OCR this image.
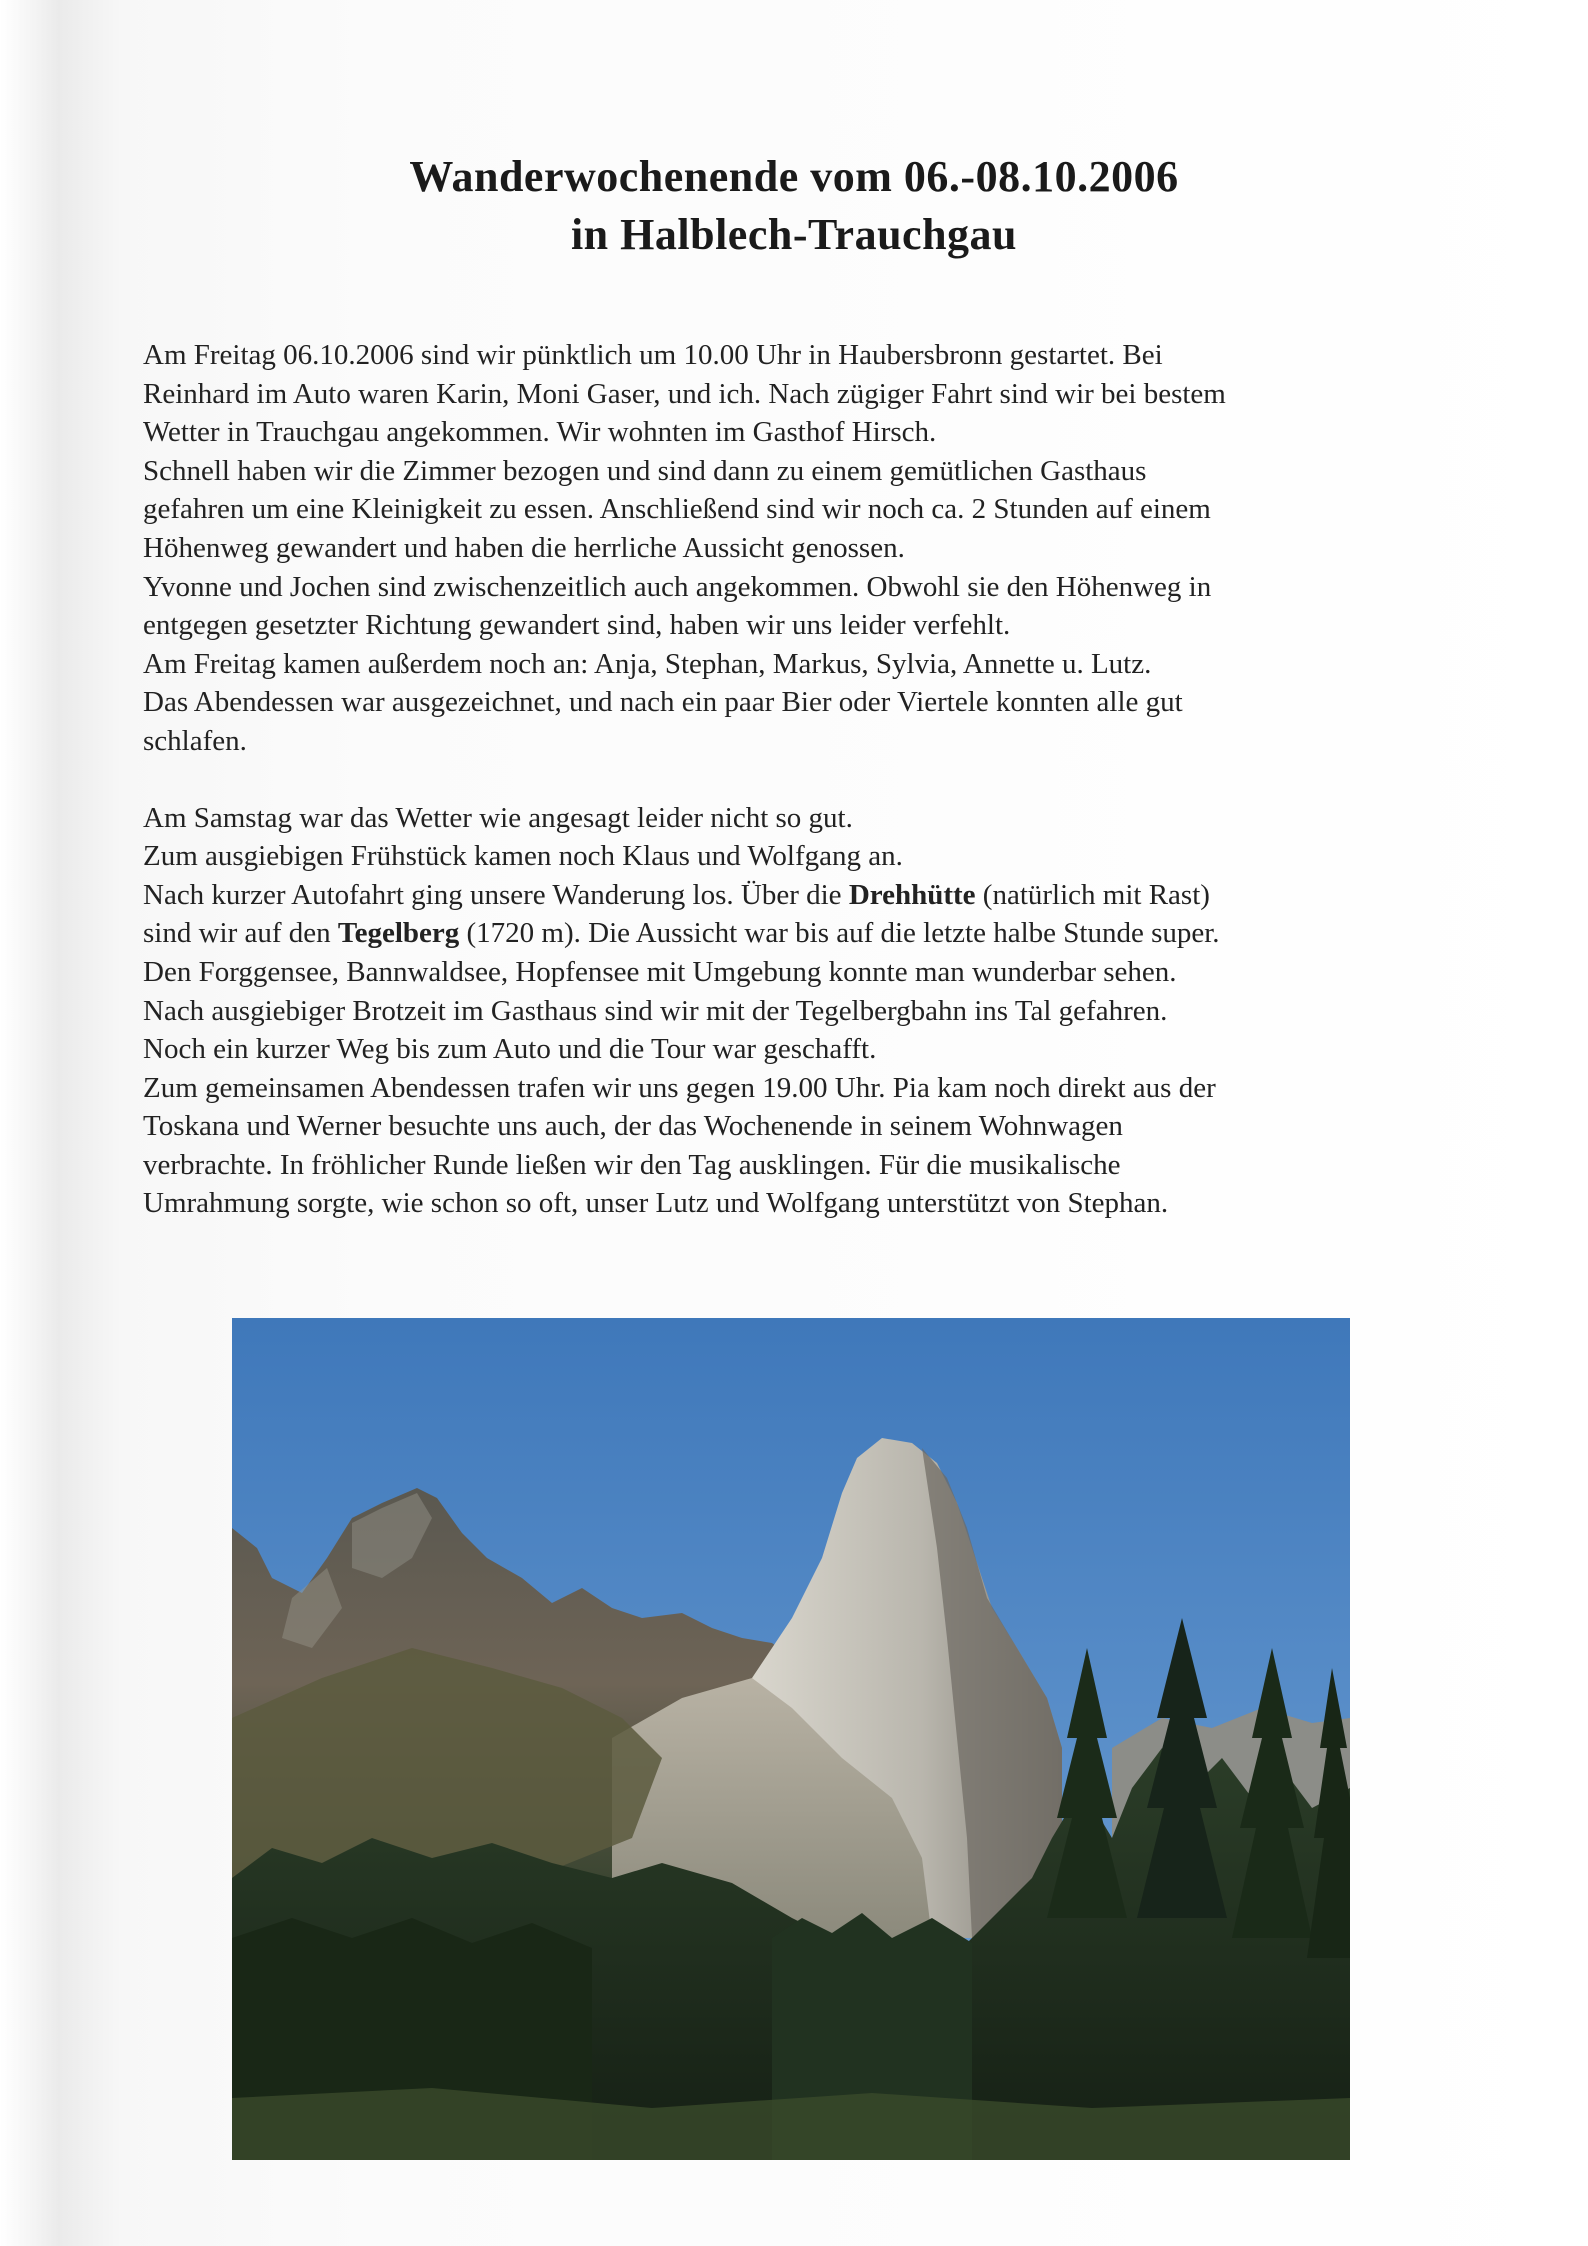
Wanderwochenende vom 06.-08.10.2006
in Halblech-Trauchgau
Am Freitag 06.10.2006 sind wir pünktlich um 10.00 Uhr in Haubersbronn gestartet. Bei
Reinhard im Auto waren Karin, Moni Gaser, und ich. Nach zügiger Fahrt sind wir bei bestem
Wetter in Trauchgau angekommen. Wir wohnten im Gasthof Hirsch.
Schnell haben wir die Zimmer bezogen und sind dann zu einem gemütlichen Gasthaus
gefahren um eine Kleinigkeit zu essen. Anschließend sind wir noch ca. 2 Stunden auf einem
Höhenweg gewandert und haben die herrliche Aussicht genossen.
Yvonne und Jochen sind zwischenzeitlich auch angekommen. Obwohl sie den Höhenweg in
entgegen gesetzter Richtung gewandert sind, haben wir uns leider verfehlt.
Am Freitag kamen außerdem noch an: Anja, Stephan, Markus, Sylvia, Annette u. Lutz.
Das Abendessen war ausgezeichnet, und nach ein paar Bier oder Viertele konnten alle gut
schlafen.
Am Samstag war das Wetter wie angesagt leider nicht so gut.
Zum ausgiebigen Frühstück kamen noch Klaus und Wolfgang an.
Nach kurzer Autofahrt ging unsere Wanderung los. Über die Drehhütte (natürlich mit Rast)
sind wir auf den Tegelberg (1720 m). Die Aussicht war bis auf die letzte halbe Stunde super.
Den Forggensee, Bannwaldsee, Hopfensee mit Umgebung konnte man wunderbar sehen.
Nach ausgiebiger Brotzeit im Gasthaus sind wir mit der Tegelbergbahn ins Tal gefahren.
Noch ein kurzer Weg bis zum Auto und die Tour war geschafft.
Zum gemeinsamen Abendessen trafen wir uns gegen 19.00 Uhr. Pia kam noch direkt aus der
Toskana und Werner besuchte uns auch, der das Wochenende in seinem Wohnwagen
verbrachte. In fröhlicher Runde ließen wir den Tag ausklingen. Für die musikalische
Umrahmung sorgte, wie schon so oft, unser Lutz und Wolfgang unterstützt von Stephan.
